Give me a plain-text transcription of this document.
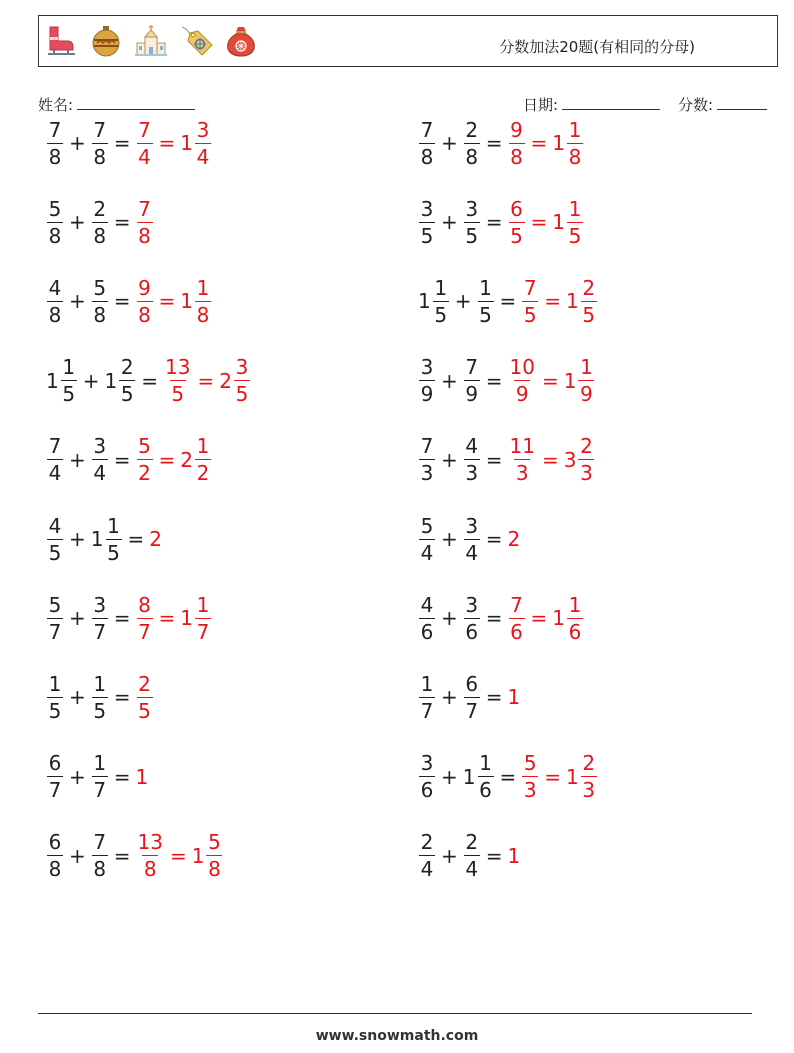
分数加法20题(有相同的分母)
姓名:	日期:	分数:
$\frac{7}{8} + \frac{7}{8} = \frac{7}{4} = 1 \frac{3}{4}$	$\frac{7}{8} + \frac{2}{8} = \frac{9}{8} = 1 \frac{1}{8}$
$\frac{5}{8} + \frac{2}{8} = \frac{7}{8}$	$\frac{3}{5} + \frac{3}{5} = \frac{6}{5} = 1 \frac{1}{5}$
$\frac{4}{8} + \frac{5}{8} = \frac{9}{8} = 1 \frac{1}{8}$	$1 \frac{1}{5} + \frac{1}{5} = \frac{7}{5} = 1 \frac{2}{5}$
$1 \frac{1}{5} + 1 \frac{2}{5} = \frac{13}{5} = 2 \frac{3}{5}$	$\frac{3}{9} + \frac{7}{9} = \frac{10}{9} = 1 \frac{1}{9}$
$\frac{7}{4} + \frac{3}{4} = \frac{5}{2} = 2 \frac{1}{2}$	$\frac{7}{3} + \frac{4}{3} = \frac{11}{3} = 3 \frac{2}{3}$
$\frac{4}{5} + 1 \frac{1}{5} = 2$	$\frac{5}{4} + \frac{3}{4} = 2$
$\frac{5}{7} + \frac{3}{7} = \frac{8}{7} = 1 \frac{1}{7}$	$\frac{4}{6} + \frac{3}{6} = \frac{7}{6} = 1 \frac{1}{6}$
$\frac{1}{5} + \frac{1}{5} = \frac{2}{5}$	$\frac{1}{7} + \frac{6}{7} = 1$
$\frac{6}{7} + \frac{1}{7} = 1$	$\frac{3}{6} + 1 \frac{1}{6} = \frac{5}{3} = 1 \frac{2}{3}$
$\frac{6}{8} + \frac{7}{8} = \frac{13}{8} = 1 \frac{5}{8}$	$\frac{2}{4} + \frac{2}{4} = 1$
www.snowmath.com
